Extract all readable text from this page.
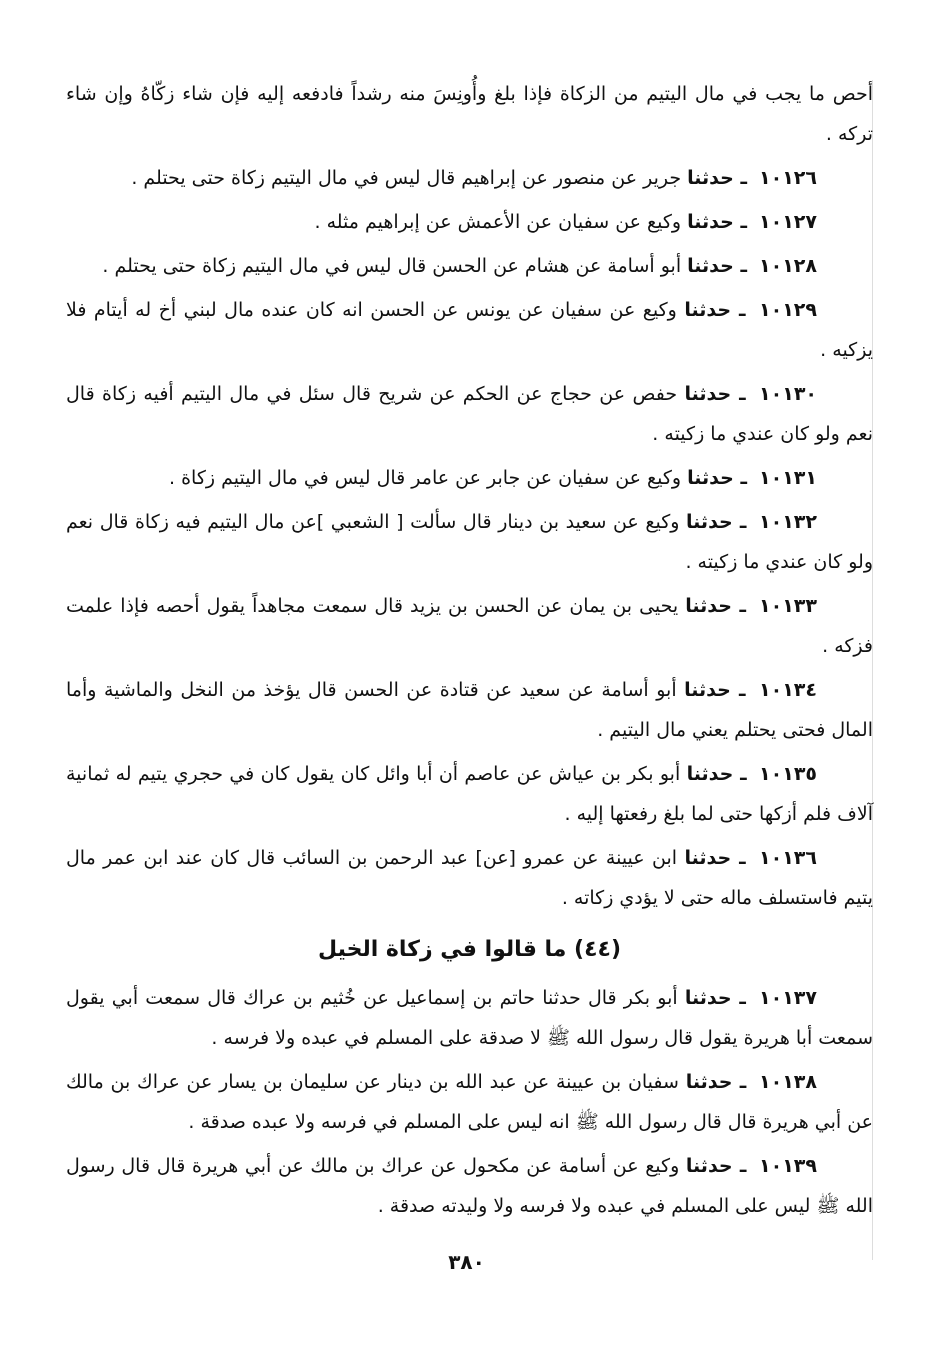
أحص ما يجب في مال اليتيم من الزكاة فإذا بلغ وأُونِسَ منه رشداً فادفعه إليه فإن شاء زكّاهُ وإن شاء تركه .

١٠١٢٦ ـ حدثنا جرير عن منصور عن إبراهيم قال ليس في مال اليتيم زكاة حتى يحتلم .

١٠١٢٧ ـ حدثنا وكيع عن سفيان عن الأعمش عن إبراهيم مثله .

١٠١٢٨ ـ حدثنا أبو أسامة عن هشام عن الحسن قال ليس في مال اليتيم زكاة حتى يحتلم .

١٠١٢٩ ـ حدثنا وكيع عن سفيان عن يونس عن الحسن انه كان عنده مال لبني أخ له أيتام فلا يزكيه .

١٠١٣٠ ـ حدثنا حفص عن حجاج عن الحكم عن شريح قال سئل في مال اليتيم أفيه زكاة قال نعم ولو كان عندي ما زكيته .

١٠١٣١ ـ حدثنا وكيع عن سفيان عن جابر عن عامر قال ليس في مال اليتيم زكاة .

١٠١٣٢ ـ حدثنا وكيع عن سعيد بن دينار قال سألت [ الشعبي ]عن مال اليتيم فيه زكاة قال نعم ولو كان عندي ما زكيته .

١٠١٣٣ ـ حدثنا يحيى بن يمان عن الحسن بن يزيد قال سمعت مجاهداً يقول أحصه فإذا علمت فزكه .

١٠١٣٤ ـ حدثنا أبو أسامة عن سعيد عن قتادة عن الحسن قال يؤخذ من النخل والماشية وأما المال فحتى يحتلم يعني مال اليتيم .

١٠١٣٥ ـ حدثنا أبو بكر بن عياش عن عاصم أن أبا وائل كان يقول كان في حجري يتيم له ثمانية آلاف فلم أزكها حتى لما بلغ رفعتها إليه .

١٠١٣٦ ـ حدثنا ابن عيينة عن عمرو [عن] عبد الرحمن بن السائب قال كان عند ابن عمر مال يتيم فاستسلف ماله حتى لا يؤدي زكاته .

(٤٤) ما قالوا في زكاة الخيل

١٠١٣٧ ـ حدثنا أبو بكر قال حدثنا حاتم بن إسماعيل عن خُثيم بن عراك قال سمعت أبي يقول سمعت أبا هريرة يقول قال رسول الله ﷺ لا صدقة على المسلم في عبده ولا فرسه .

١٠١٣٨ ـ حدثنا سفيان بن عيينة عن عبد الله بن دينار عن سليمان بن يسار عن عراك بن مالك عن أبي هريرة قال قال رسول الله ﷺ انه ليس على المسلم في فرسه ولا عبده صدقة .

١٠١٣٩ ـ حدثنا وكيع عن أسامة عن مكحول عن عراك بن مالك عن أبي هريرة قال قال رسول الله ﷺ ليس على المسلم في عبده ولا فرسه ولا وليدته صدقة .

٣٨٠
